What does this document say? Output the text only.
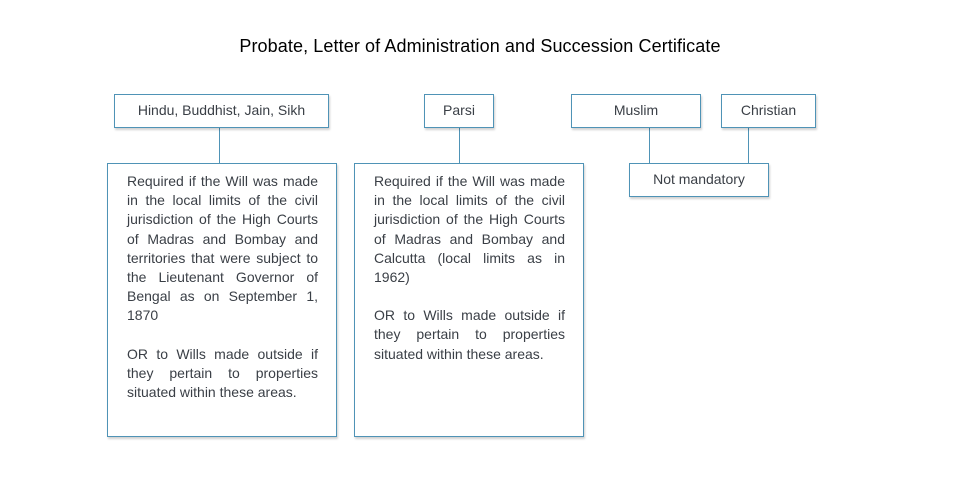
Probate, Letter of Administration and Succession Certificate
Hindu, Buddhist, Jain, Sikh	Parsi	Muslim	Christian

Required if the Will was made in the local limits of the civil jurisdiction of the High Courts of Madras and Bombay and territories that were subject to the Lieutenant Governor of Bengal as on September 1, 1870

OR to Wills made outside if they pertain to properties situated within these areas.

Required if the Will was made in the local limits of the civil jurisdiction of the High Courts of Madras and Bombay and Calcutta (local limits as in 1962)

OR to Wills made outside if they pertain to properties situated within these areas.

Not mandatory
